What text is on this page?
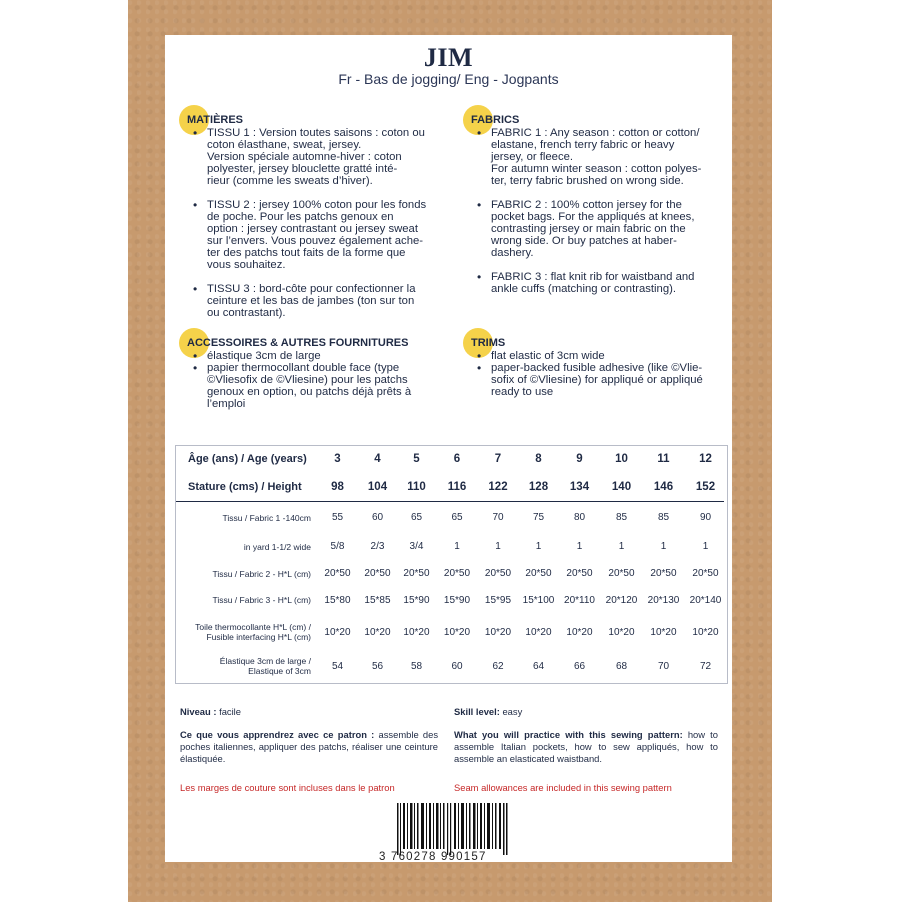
JIM
Fr - Bas de jogging/ Eng - Jogpants
MATIÈRES
• TISSU 1 : Version toutes saisons : coton ou
coton élasthane, sweat, jersey.
Version spéciale automne-hiver : coton
polyester, jersey blouclette gratté inté-
rieur (comme les sweats d’hiver).
• TISSU 2 : jersey 100% coton pour les fonds
de poche. Pour les patchs genoux en
option : jersey contrastant ou jersey sweat
sur l’envers. Vous pouvez également ache-
ter des patchs tout faits de la forme que
vous souhaitez.
• TISSU 3 : bord-côte pour confectionner la
ceinture et les bas de jambes (ton sur ton
ou contrastant).
ACCESSOIRES & AUTRES FOURNITURES
• élastique 3cm de large
• papier thermocollant double face (type
©Vliesofix de ©Vliesine) pour les patchs
genoux en option, ou patchs déjà prêts à
l’emploi
FABRICS
• FABRIC 1 : Any season : cotton or cotton/
elastane, french terry fabric or heavy
jersey, or fleece.
For autumn winter season : cotton polyes-
ter, terry fabric brushed on wrong side.
• FABRIC 2 : 100% cotton jersey for the
pocket bags. For the appliqués at knees,
contrasting jersey or main fabric on the
wrong side. Or buy patches at haber-
dashery.
• FABRIC 3 : flat knit rib for waistband and
ankle cuffs (matching or contrasting).
TRIMS
• flat elastic of 3cm wide
• paper-backed fusible adhesive (like ©Vlie-
sofix of ©Vliesine) for appliqué or appliqué
ready to use
Âge (ans) / Age (years)	3	4	5	6	7	8	9	10	11	12
Stature (cms) / Height	98	104	110	116	122	128	134	140	146	152
Tissu / Fabric 1 -140cm	55	60	65	65	70	75	80	85	85	90
in yard 1-1/2 wide	5/8	2/3	3/4	1	1	1	1	1	1	1
Tissu / Fabric 2 - H*L (cm)	20*50	20*50	20*50	20*50	20*50	20*50	20*50	20*50	20*50	20*50
Tissu / Fabric 3 - H*L (cm)	15*80	15*85	15*90	15*90	15*95	15*100	20*110	20*120	20*130	20*140
Toile thermocollante H*L (cm) /
Fusible interfacing H*L (cm)	10*20	10*20	10*20	10*20	10*20	10*20	10*20	10*20	10*20	10*20
Élastique 3cm de large /
Elastique of 3cm	54	56	58	60	62	64	66	68	70	72
Niveau : facile
Ce que vous apprendrez avec ce patron : assemble des poches italiennes, appliquer des patchs, réaliser une ceinture élastiquée.
Les marges de couture sont incluses dans le patron
Skill level: easy
What you will practice with this sewing pattern: how to assemble Italian pockets, how to sew appliqués, how to assemble an elasticated waistband.
Seam allowances are included in this sewing pattern
3 760278 990157
